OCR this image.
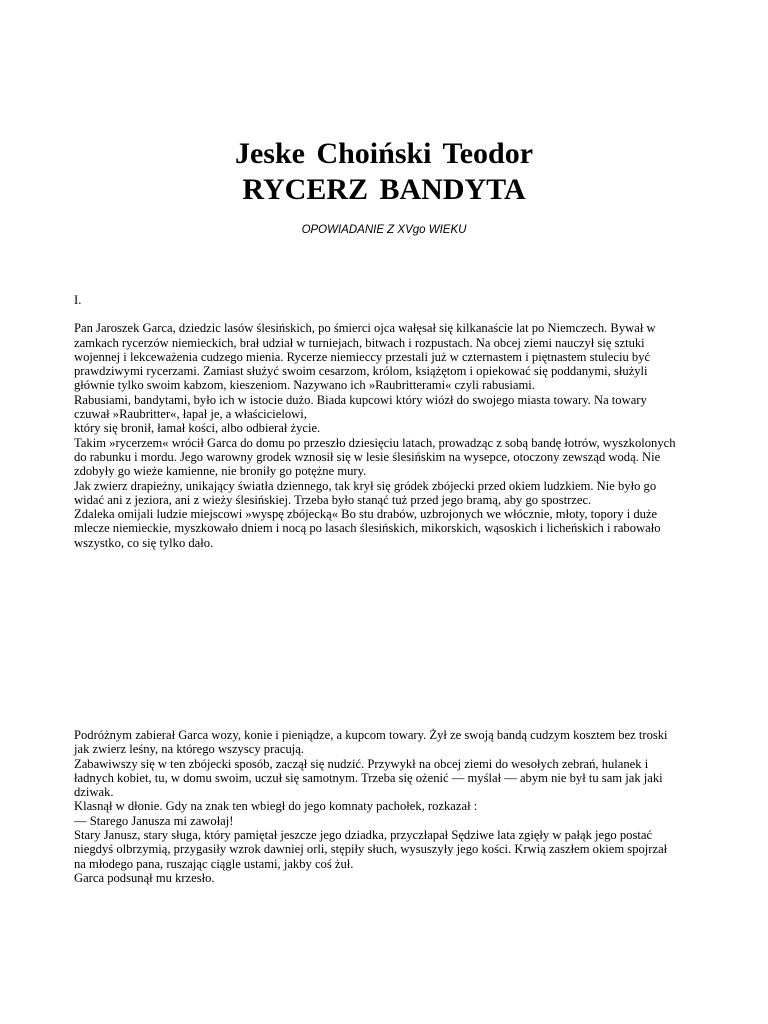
Jeske Choiński Teodor
RYCERZ BANDYTA

OPOWIADANIE Z XVgo WIEKU

I.

Pan Jaroszek Garca, dziedzic lasów ślesińskich, po śmierci ojca wałęsał się kilkanaście lat po Niemczech. Bywał w

zamkach rycerzów niemieckich, brał udział w turniejach, bitwach i rozpustach. Na obcej ziemi nauczył się sztuki

wojennej i lekceważenia cudzego mienia. Rycerze niemieccy przestali już w czternastem i piętnastem stuleciu być

prawdziwymi rycerzami. Zamiast służyć swoim cesarzom, królom, książętom i opiekować się poddanymi, służyli

głównie tylko swoim kabzom, kieszeniom. Nazywano ich »Raubritterami« czyli rabusiami.

Rabusiami, bandytami, było ich w istocie dużo. Biada kupcowi który wiózł do swojego miasta towary. Na towary

czuwał »Raubritter«, łapał je, a właścicielowi,

który się bronił, łamał kości, albo odbierał życie.

Takim »rycerzem« wrócił Garca do domu po przeszło dziesięciu latach, prowadząc z sobą bandę łotrów, wyszkolonych

do rabunku i mordu. Jego warowny grodek wznosił się w lesie ślesińskim na wysepce, otoczony zewsząd wodą. Nie

zdobyły go wieże kamienne, nie broniły go potężne mury.

Jak zwierz drapieżny, unikający światła dziennego, tak krył się gródek zbójecki przed okiem ludzkiem. Nie było go

widać ani z jeziora, ani z wieży ślesińskiej. Trzeba było stanąć tuż przed jego bramą, aby go spostrzec.

Zdaleka omijali ludzie miejscowi »wyspę zbójecką« Bo stu drabów, uzbrojonych we włócznie, młoty, topory i duże

mlecze niemieckie, myszkowało dniem i nocą po lasach ślesińskich, mikorskich, wąsoskich i licheńskich i rabowało

wszystko, co się tylko dało.

Podróżnym zabierał Garca wozy, konie i pieniądze, a kupcom towary. Żył ze swoją bandą cudzym kosztem bez troski

jak zwierz leśny, na którego wszyscy pracują.

Zabawiwszy się w ten zbójecki sposób, zaczął się nudzić. Przywykł na obcej ziemi do wesołych zebrań, hulanek i

ładnych kobiet, tu, w domu swoim, uczuł się samotnym. Trzeba się ożenić — myślał — abym nie był tu sam jak jaki

dziwak.

Klasnął w dłonie. Gdy na znak ten wbiegł do jego komnaty pachołek, rozkazał :

— Starego Janusza mi zawołaj!

Stary Janusz, stary sługa, który pamiętał jeszcze jego dziadka, przyczłapał Sędziwe lata zgięły w pałąk jego postać

niegdyś olbrzymią, przygasiły wzrok dawniej orli, stępiły słuch, wysuszyły jego kości. Krwią zaszłem okiem spojrzał

na młodego pana, ruszając ciągle ustami, jakby coś żuł.

Garca podsunął mu krzesło.
